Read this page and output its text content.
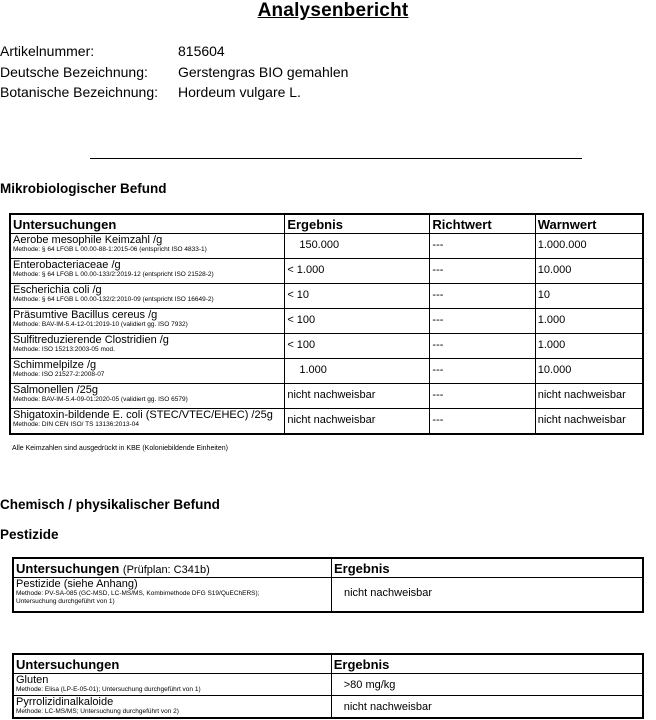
Analysenbericht
Artikelnummer:	815604
Deutsche Bezeichnung: Gerstengras BIO gemahlen
Botanische Bezeichnung: Hordeum vulgare L.
Mikrobiologischer Befund
Untersuchungen	Ergebnis	Richtwert	Warnwert

Aerobe mesophile Keimzahl /g
Methode: § 64 LFGB L 00.00-88-1:2015-06 (entspricht ISO 4833-1)	150.000	---	1.000.000

Enterobacteriaceae /g
Methode: § 64 LFGB L 00.00-133/2:2019-12 (entspricht ISO 21528-2)	< 1.000	---	10.000

Escherichia coli /g
Methode: § 64 LFGB L 00.00-132/2:2010-09 (entspricht ISO 16649-2)	< 10	---	10

Präsumtive Bacillus cereus /g
Methode: BAV-IM-5.4-12-01:2019-10 (validiert gg. ISO 7932)	< 100	---	1.000

Sulfitreduzierende Clostridien /g
Methode: ISO 15213:2003-05 mod.	< 100	---	1.000

Schimmelpilze /g
Methode: ISO 21527-2:2008-07	1.000	---	10.000

Salmonellen /25g
Methode: BAV-IM-5.4-09-01:2020-05 (validiert gg. ISO 6579)	nicht nachweisbar	---	nicht nachweisbar

Shigatoxin-bildende E. coli (STEC/VTEC/EHEC) /25g
Methode: DIN CEN ISO/ TS 13136:2013-04	nicht nachweisbar	---	nicht nachweisbar
Alle Keimzahlen sind ausgedrückt in KBE (Koloniebildende Einheiten)
Chemisch / physikalischer Befund
Pestizide
Untersuchungen (Prüfplan: C341b)	Ergebnis

Pestizide (siehe Anhang)
Methode: PV-SA-085 (GC-MSD, LC-MS/MS, Kombimethode DFG S19/QuEChERS);
Untersuchung durchgeführt von 1)	nicht nachweisbar
Untersuchungen	Ergebnis

Gluten
Methode: Elisa (LP-E-05-01); Untersuchung durchgeführt von 1)	>80 mg/kg

Pyrrolizidinalkaloide
Methode: LC-MS/MS; Untersuchung durchgeführt von 2)	nicht nachweisbar
